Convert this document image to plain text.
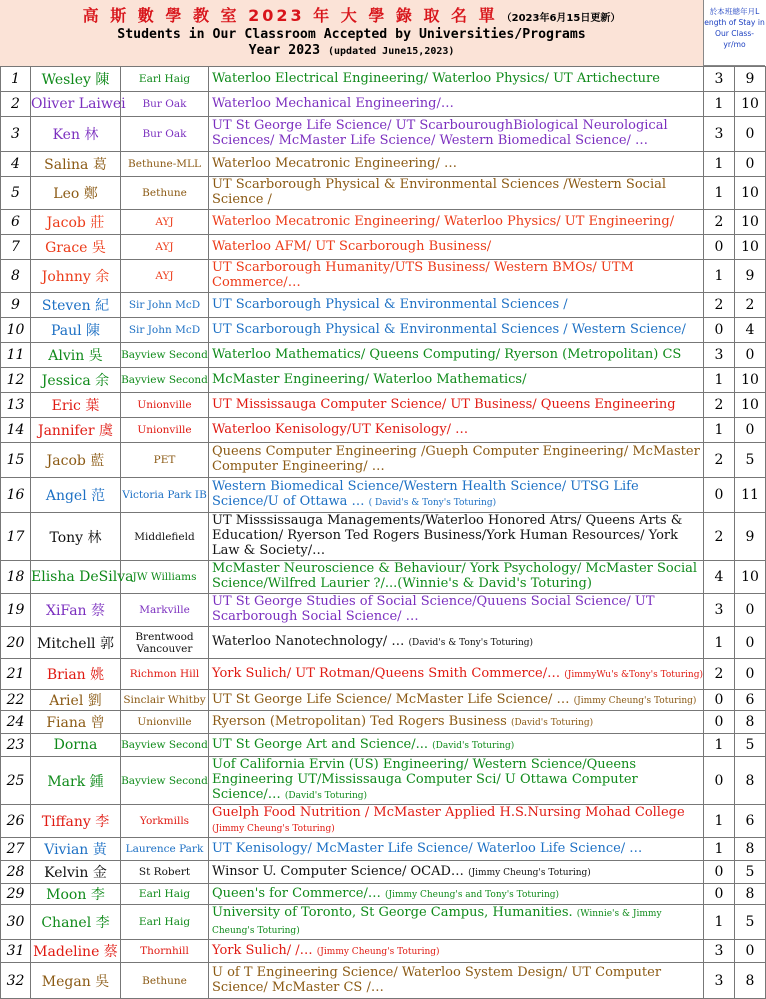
高 斯 數 學 教 室 2023 年 大 學 錄 取 名 單 （2023年6月15日更新）
Students in Our Classroom Accepted by Universities/Programs
Year 2023 (updated June15,2023)
於本班總年月L ength of Stay in Our Class-yr/mo
1	Wesley 陳	Earl Haig	Waterloo Electrical Engineering/ Waterloo Physics/ UT Artichecture	3	9
2	Oliver Laiwei	Bur Oak	Waterloo Mechanical Engineering/…	1	10
3	Ken 林	Bur Oak	UT St George Life Science/ UT ScarbouroughBiological Neurological Sciences/ McMaster Life Science/ Western Biomedical Science/ …	3	0
4	Salina 葛	Bethune-MLL	Waterloo Mecatronic Engineering/ …	1	0
5	Leo 鄭	Bethune	UT Scarborough Physical & Environmental Sciences /Western Social Science /	1	10
6	Jacob 莊	AYJ	Waterloo Mecatronic Engineering/ Waterloo Physics/ UT Engineering/	2	10
7	Grace 吳	AYJ	Waterloo AFM/ UT Scarborough Business/	0	10
8	Johnny 余	AYJ	UT Scarborough Humanity/UTS Business/ Western BMOs/ UTM Commerce/…	1	9
9	Steven 紀	Sir John McD	UT Scarborough Physical & Environmental Sciences /	2	2
10	Paul 陳	Sir John McD	UT Scarborough Physical & Environmental Sciences / Western Science/	0	4
11	Alvin 吳	Bayview Second	Waterloo Mathematics/ Queens Computing/ Ryerson (Metropolitan) CS	3	0
12	Jessica 余	Bayview Second	McMaster Engineering/ Waterloo Mathematics/	1	10
13	Eric 葉	Unionville	UT Mississauga Computer Science/ UT Business/ Queens Engineering	2	10
14	Jannifer 虞	Unionville	Waterloo Kenisology/UT Kenisology/ …	1	0
15	Jacob 藍	PET	Queens Computer Engineering /Gueph Computer Engineering/ McMaster Computer Engineering/ …	2	5
16	Angel 范	Victoria Park IB	Western Biomedical Science/Western Health Science/ UTSG Life Science/U of Ottawa … ( David's & Tony's Toturing)	0	11
17	Tony 林	Middlefield	UT Misssissauga Managements/Waterloo Honored Atrs/ Queens Arts & Education/ Ryerson Ted Rogers Business/York Human Resources/ York Law & Society/…	2	9
18	Elisha DeSilva	JW Williams	McMaster Neuroscience & Behaviour/ York Psychology/ McMaster Social Science/Wilfred Laurier ?/...(Winnie's & David's Toturing)	4	10
19	XiFan 蔡	Markville	UT St George Studies of Social Science/Quuens Social Science/ UT Scarborough Social Science/ …	3	0
20	Mitchell 郭	Brentwood Vancouver	Waterloo Nanotechnology/ … (David's & Tony's Toturing)	1	0
21	Brian 姚	Richmon Hill	York Sulich/ UT Rotman/Queens Smith Commerce/… (JimmyWu's &Tony's Toturing)	2	0
22	Ariel 劉	Sinclair Whitby	UT St George Life Science/ McMaster Life Science/ … (Jimmy Cheung's Toturing)	0	6
24	Fiana 曾	Unionville	Ryerson (Metropolitan) Ted Rogers Business (David's Toturing)	0	8
23	Dorna	Bayview Second	UT St George Art and Science/... (David's Toturing)	1	5
25	Mark 鍾	Bayview Second	Uof California Ervin (US) Engineering/ Western Science/Queens Engineering UT/Mississauga Computer Sci/ U Ottawa Computer Science/… (David's Toturing)	0	8
26	Tiffany 李	Yorkmills	Guelph Food Nutrition / McMaster Applied H.S.Nursing Mohad College (Jimmy Cheung's Toturing)	1	6
27	Vivian 黃	Laurence Park	UT Kenisology/ McMaster Life Science/ Waterloo Life Science/ …	1	8
28	Kelvin 金	St Robert	Winsor U. Computer Science/ OCAD… (Jimmy Cheung's Toturing)	0	5
29	Moon 李	Earl Haig	Queen's for Commerce/… (Jimmy Cheung's and Tony's Toturing)	0	8
30	Chanel 李	Earl Haig	University of Toronto, St George Campus, Humanities. (Winnie's & Jimmy Cheung's Toturing)	1	5
31	Madeline 蔡	Thornhill	York Sulich/ /… (Jimmy Cheung's Toturing)	3	0
32	Megan 吳	Bethune	U of T Engineering Science/ Waterloo System Design/ UT Computer Science/ McMaster CS /…	3	8
